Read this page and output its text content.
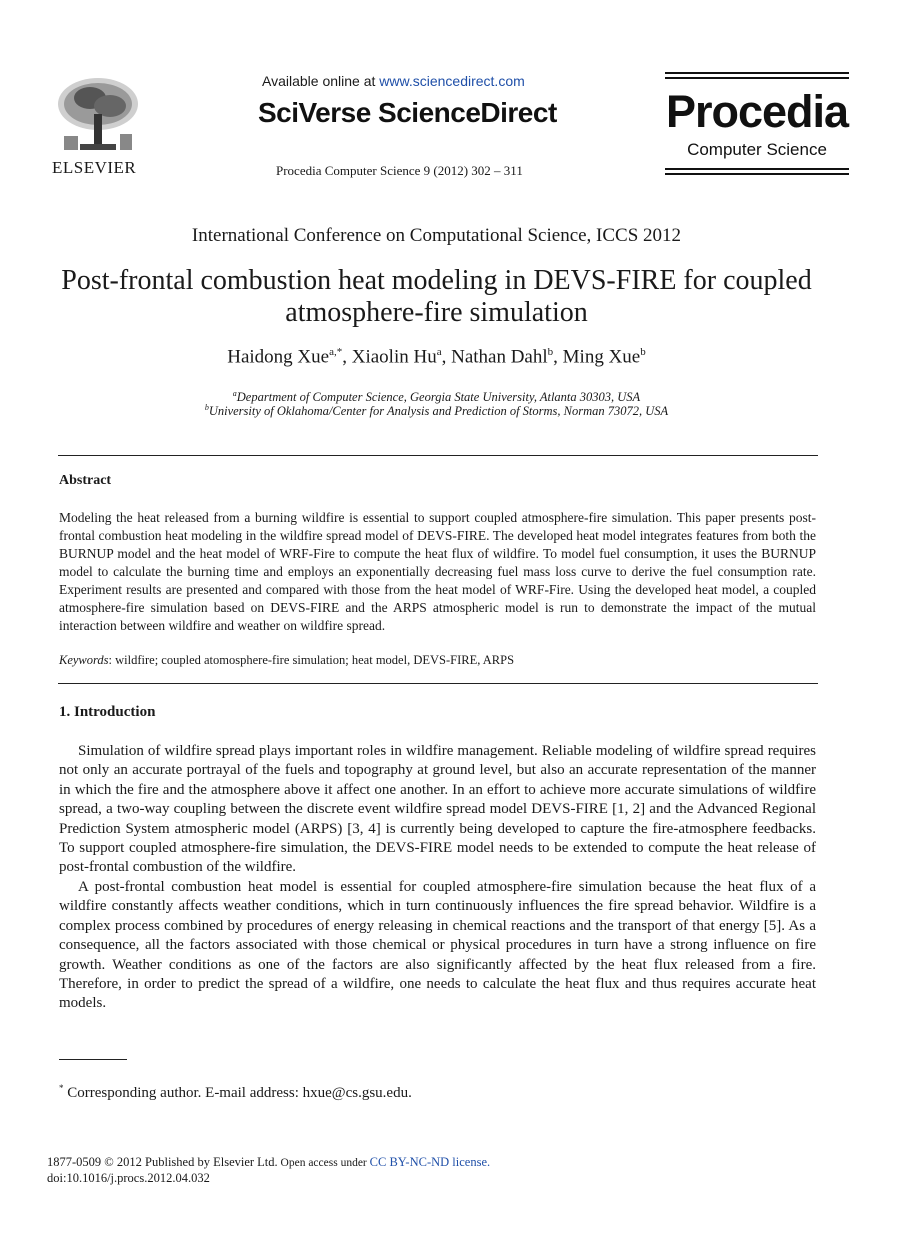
ELSEVIER
Available online at www.sciencedirect.com
SciVerse ScienceDirect
Procedia Computer Science 9 (2012) 302 – 311
Procedia
Computer Science
International Conference on Computational Science, ICCS 2012
Post-frontal combustion heat modeling in DEVS-FIRE for coupled
atmosphere-fire simulation
Haidong Xue$^{a,*}$, Xiaolin Hu$^a$, Nathan Dahl$^b$, Ming Xue$^b$
$^a$Department of Computer Science, Georgia State University, Atlanta 30303, USA
$^b$University of Oklahoma/Center for Analysis and Prediction of Storms, Norman 73072, USA
Abstract
Modeling the heat released from a burning wildfire is essential to support coupled atmosphere-fire simulation. This paper presents post-frontal combustion heat modeling in the wildfire spread model of DEVS-FIRE. The developed heat model integrates features from both the BURNUP model and the heat model of WRF-Fire to compute the heat flux of wildfire. To model fuel consumption, it uses the BURNUP model to calculate the burning time and employs an exponentially decreasing fuel mass loss curve to derive the fuel consumption rate. Experiment results are presented and compared with those from the heat model of WRF-Fire. Using the developed heat model, a coupled atmosphere-fire simulation based on DEVS-FIRE and the ARPS atmospheric model is run to demonstrate the impact of the mutual interaction between wildfire and weather on wildfire spread.
Keywords: wildfire; coupled atomosphere-fire simulation; heat model, DEVS-FIRE, ARPS
1. Introduction
Simulation of wildfire spread plays important roles in wildfire management. Reliable modeling of wildfire spread requires not only an accurate portrayal of the fuels and topography at ground level, but also an accurate representation of the manner in which the fire and the atmosphere above it affect one another. In an effort to achieve more accurate simulations of wildfire spread, a two-way coupling between the discrete event wildfire spread model DEVS-FIRE [1, 2] and the Advanced Regional Prediction System atmospheric model (ARPS) [3, 4] is currently being developed to capture the fire-atmosphere feedbacks. To support coupled atmosphere-fire simulation, the DEVS-FIRE model needs to be extended to compute the heat release of post-frontal combustion of the wildfire.
A post-frontal combustion heat model is essential for coupled atmosphere-fire simulation because the heat flux of a wildfire constantly affects weather conditions, which in turn continuously influences the fire spread behavior. Wildfire is a complex process combined by procedures of energy releasing in chemical reactions and the transport of that energy [5]. As a consequence, all the factors associated with those chemical or physical procedures in turn have a strong influence on fire growth. Weather conditions as one of the factors are also significantly affected by the heat flux released from a fire. Therefore, in order to predict the spread of a wildfire, one needs to calculate the heat flux and thus requires accurate heat models.
* Corresponding author. E-mail address: hxue@cs.gsu.edu.
1877-0509 © 2012 Published by Elsevier Ltd. Open access under CC BY-NC-ND license.
doi:10.1016/j.procs.2012.04.032
